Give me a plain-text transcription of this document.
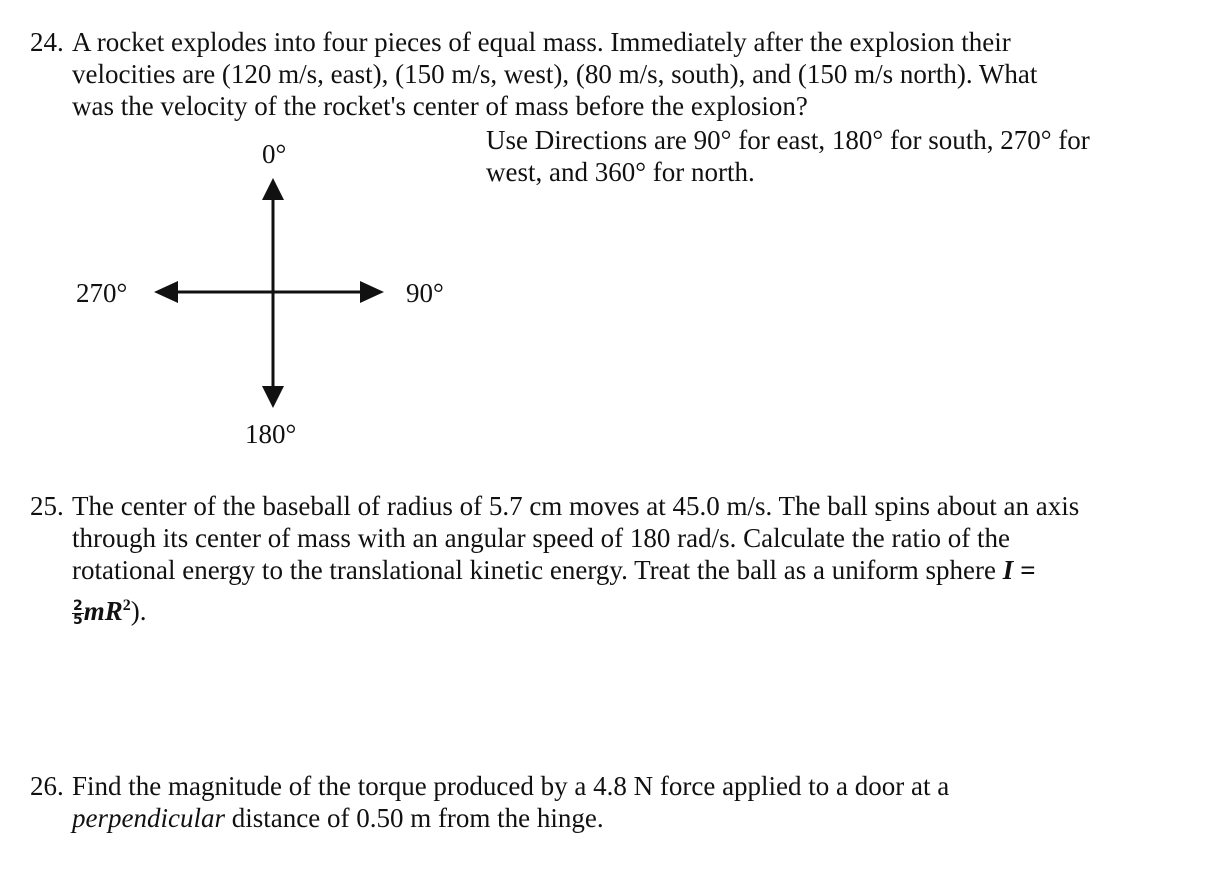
24. A rocket explodes into four pieces of equal mass. Immediately after the explosion their
velocities are (120 m/s, east), (150 m/s, west), (80 m/s, south), and (150 m/s north). What
was the velocity of the rocket's center of mass before the explosion?
Use Directions are 90° for east, 180° for south, 270° for
west, and 360° for north.
0°
90°
180°
270°
25. The center of the baseball of radius of 5.7 cm moves at 45.0 m/s. The ball spins about an axis
through its center of mass with an angular speed of 180 rad/s. Calculate the ratio of the
rotational energy to the translational kinetic energy. Treat the ball as a uniform sphere I =
$\frac{2}{5} mR^2$).
26. Find the magnitude of the torque produced by a 4.8 N force applied to a door at a
perpendicular distance of 0.50 m from the hinge.
